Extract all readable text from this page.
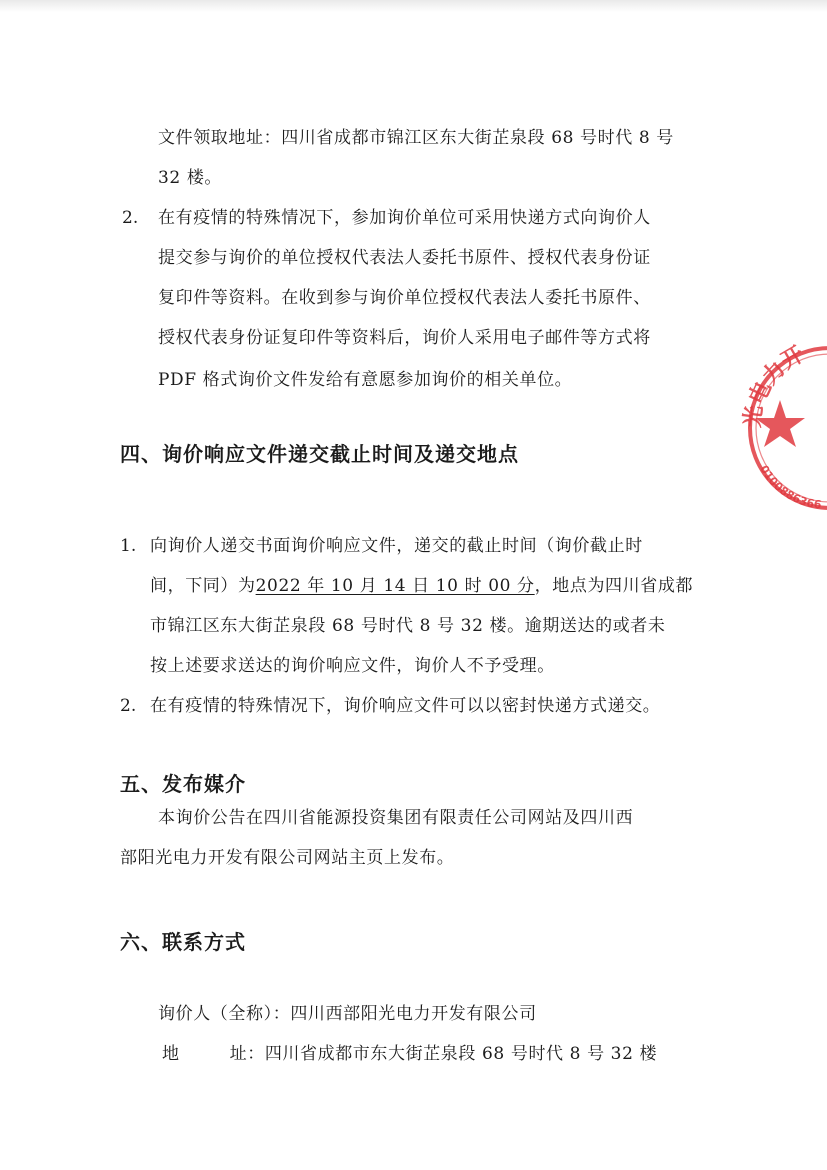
文件领取地址：四川省成都市锦江区东大街芷泉段 68 号时代 8 号
32 楼。
2. 在有疫情的特殊情况下，参加询价单位可采用快递方式向询价人
提交参与询价的单位授权代表法人委托书原件、授权代表身份证
复印件等资料。在收到参与询价单位授权代表法人委托书原件、
授权代表身份证复印件等资料后，询价人采用电子邮件等方式将
PDF 格式询价文件发给有意愿参加询价的相关单位。
四、询价响应文件递交截止时间及递交地点
1. 向询价人递交书面询价响应文件，递交的截止时间（询价截止时
间，下同）为2022 年 10 月 14 日 10 时 00 分，地点为四川省成都
市锦江区东大街芷泉段 68 号时代 8 号 32 楼。逾期送达的或者未
按上述要求送达的询价响应文件，询价人不予受理。
2. 在有疫情的特殊情况下，询价响应文件可以以密封快递方式递交。
五、发布媒介
本询价公告在四川省能源投资集团有限责任公司网站及四川西
部阳光电力开发有限公司网站主页上发布。
六、联系方式
询价人（全称）：四川西部阳光电力开发有限公司
地	址：四川省成都市东大街芷泉段 68 号时代 8 号 32 楼
光电力开
0100886366
